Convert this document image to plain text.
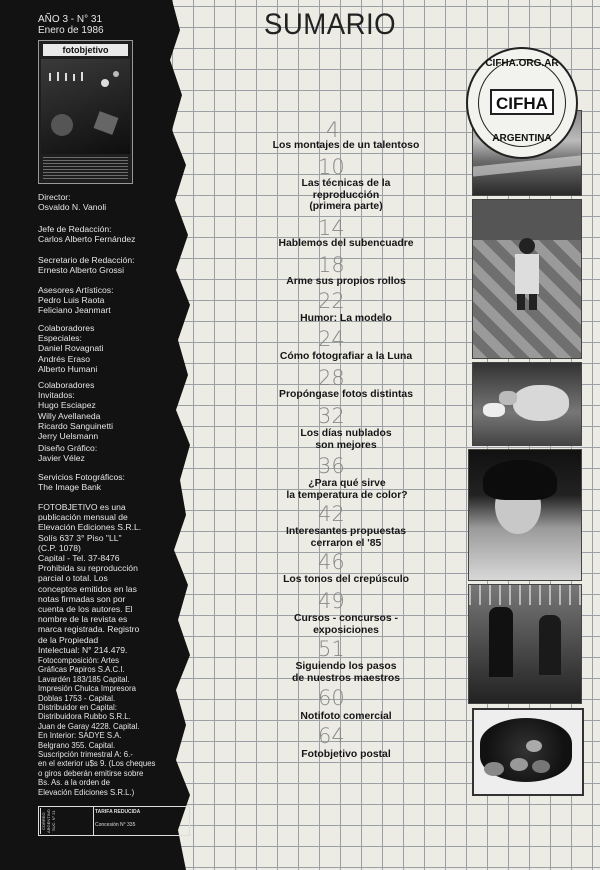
AÑO 3 - N° 31
Enero de 1986
fotobjetivo
Director:
Osvaldo N. Vanoli
Jefe de Redacción:
Carlos Alberto Fernández
Secretario de Redacción:
Ernesto Alberto Grossi
Asesores Artísticos:
Pedro Luis Raota
Feliciano Jeanmart
Colaboradores
Especiales:
Daniel Rovagnati
Andrés Eraso
Alberto Humani
Colaboradores
Invitados:
Hugo Esciapez
Willy Avellaneda
Ricardo Sanguinetti
Jerry Uelsmann
Diseño Gráfico:
Javier Vélez
Servicios Fotográficos:
The Image Bank
FOTOBJETIVO es una
publicación mensual de
Elevación Ediciones S.R.L.
Solís 637 3° Piso "LL"
(C.P. 1078)
Capital - Tel. 37-8476
Prohibida su reproducción
parcial o total. Los
conceptos emitidos en las
notas firmadas son por
cuenta de los autores. El
nombre de la revista es
marca registrada. Registro
de la Propiedad
Intelectual: N° 214.479.
Fotocomposición: Artes
Gráficas Papiros S.A.C.I.
Lavardén 183/185 Capital.
Impresión Chulca Impresora
Doblas 1753 - Capital.
Distribuidor en Capital:
Distribuidora Rubbo S.R.L.
Juan de Garay 4228. Capital.
En Interior: SADYE S.A.
Belgrano 355. Capital.
Suscripción trimestral A: 6.-
en el exterior u$s 9. (Los cheques
o giros deberán emitirse sobre
Bs. As. a la orden de
Elevación Ediciones S.R.L.)
CORREO ARGENTINO SUC. N° 21	TARIFA REDUCIDA
Concesión N° 335
SUMARIO
4
Los montajes de un talentoso
10
Las técnicas de la
reproducción
(primera parte)
14
Hablemos del subencuadre
18
Arme sus propios rollos
22
Humor: La modelo
24
Cómo fotografiar a la Luna
28
Propóngase fotos distintas
32
Los días nublados
son mejores
36
¿Para qué sirve
la temperatura de color?
42
Interesantes propuestas
cerraron el '85
46
Los tonos del crepúsculo
49
Cursos - concursos -
exposiciones
51
Siguiendo los pasos
de nuestros maestros
60
Notifoto comercial
64
Fotobjetivo postal
CIFHA.ORG.AR
CIFHA
ARGENTINA
